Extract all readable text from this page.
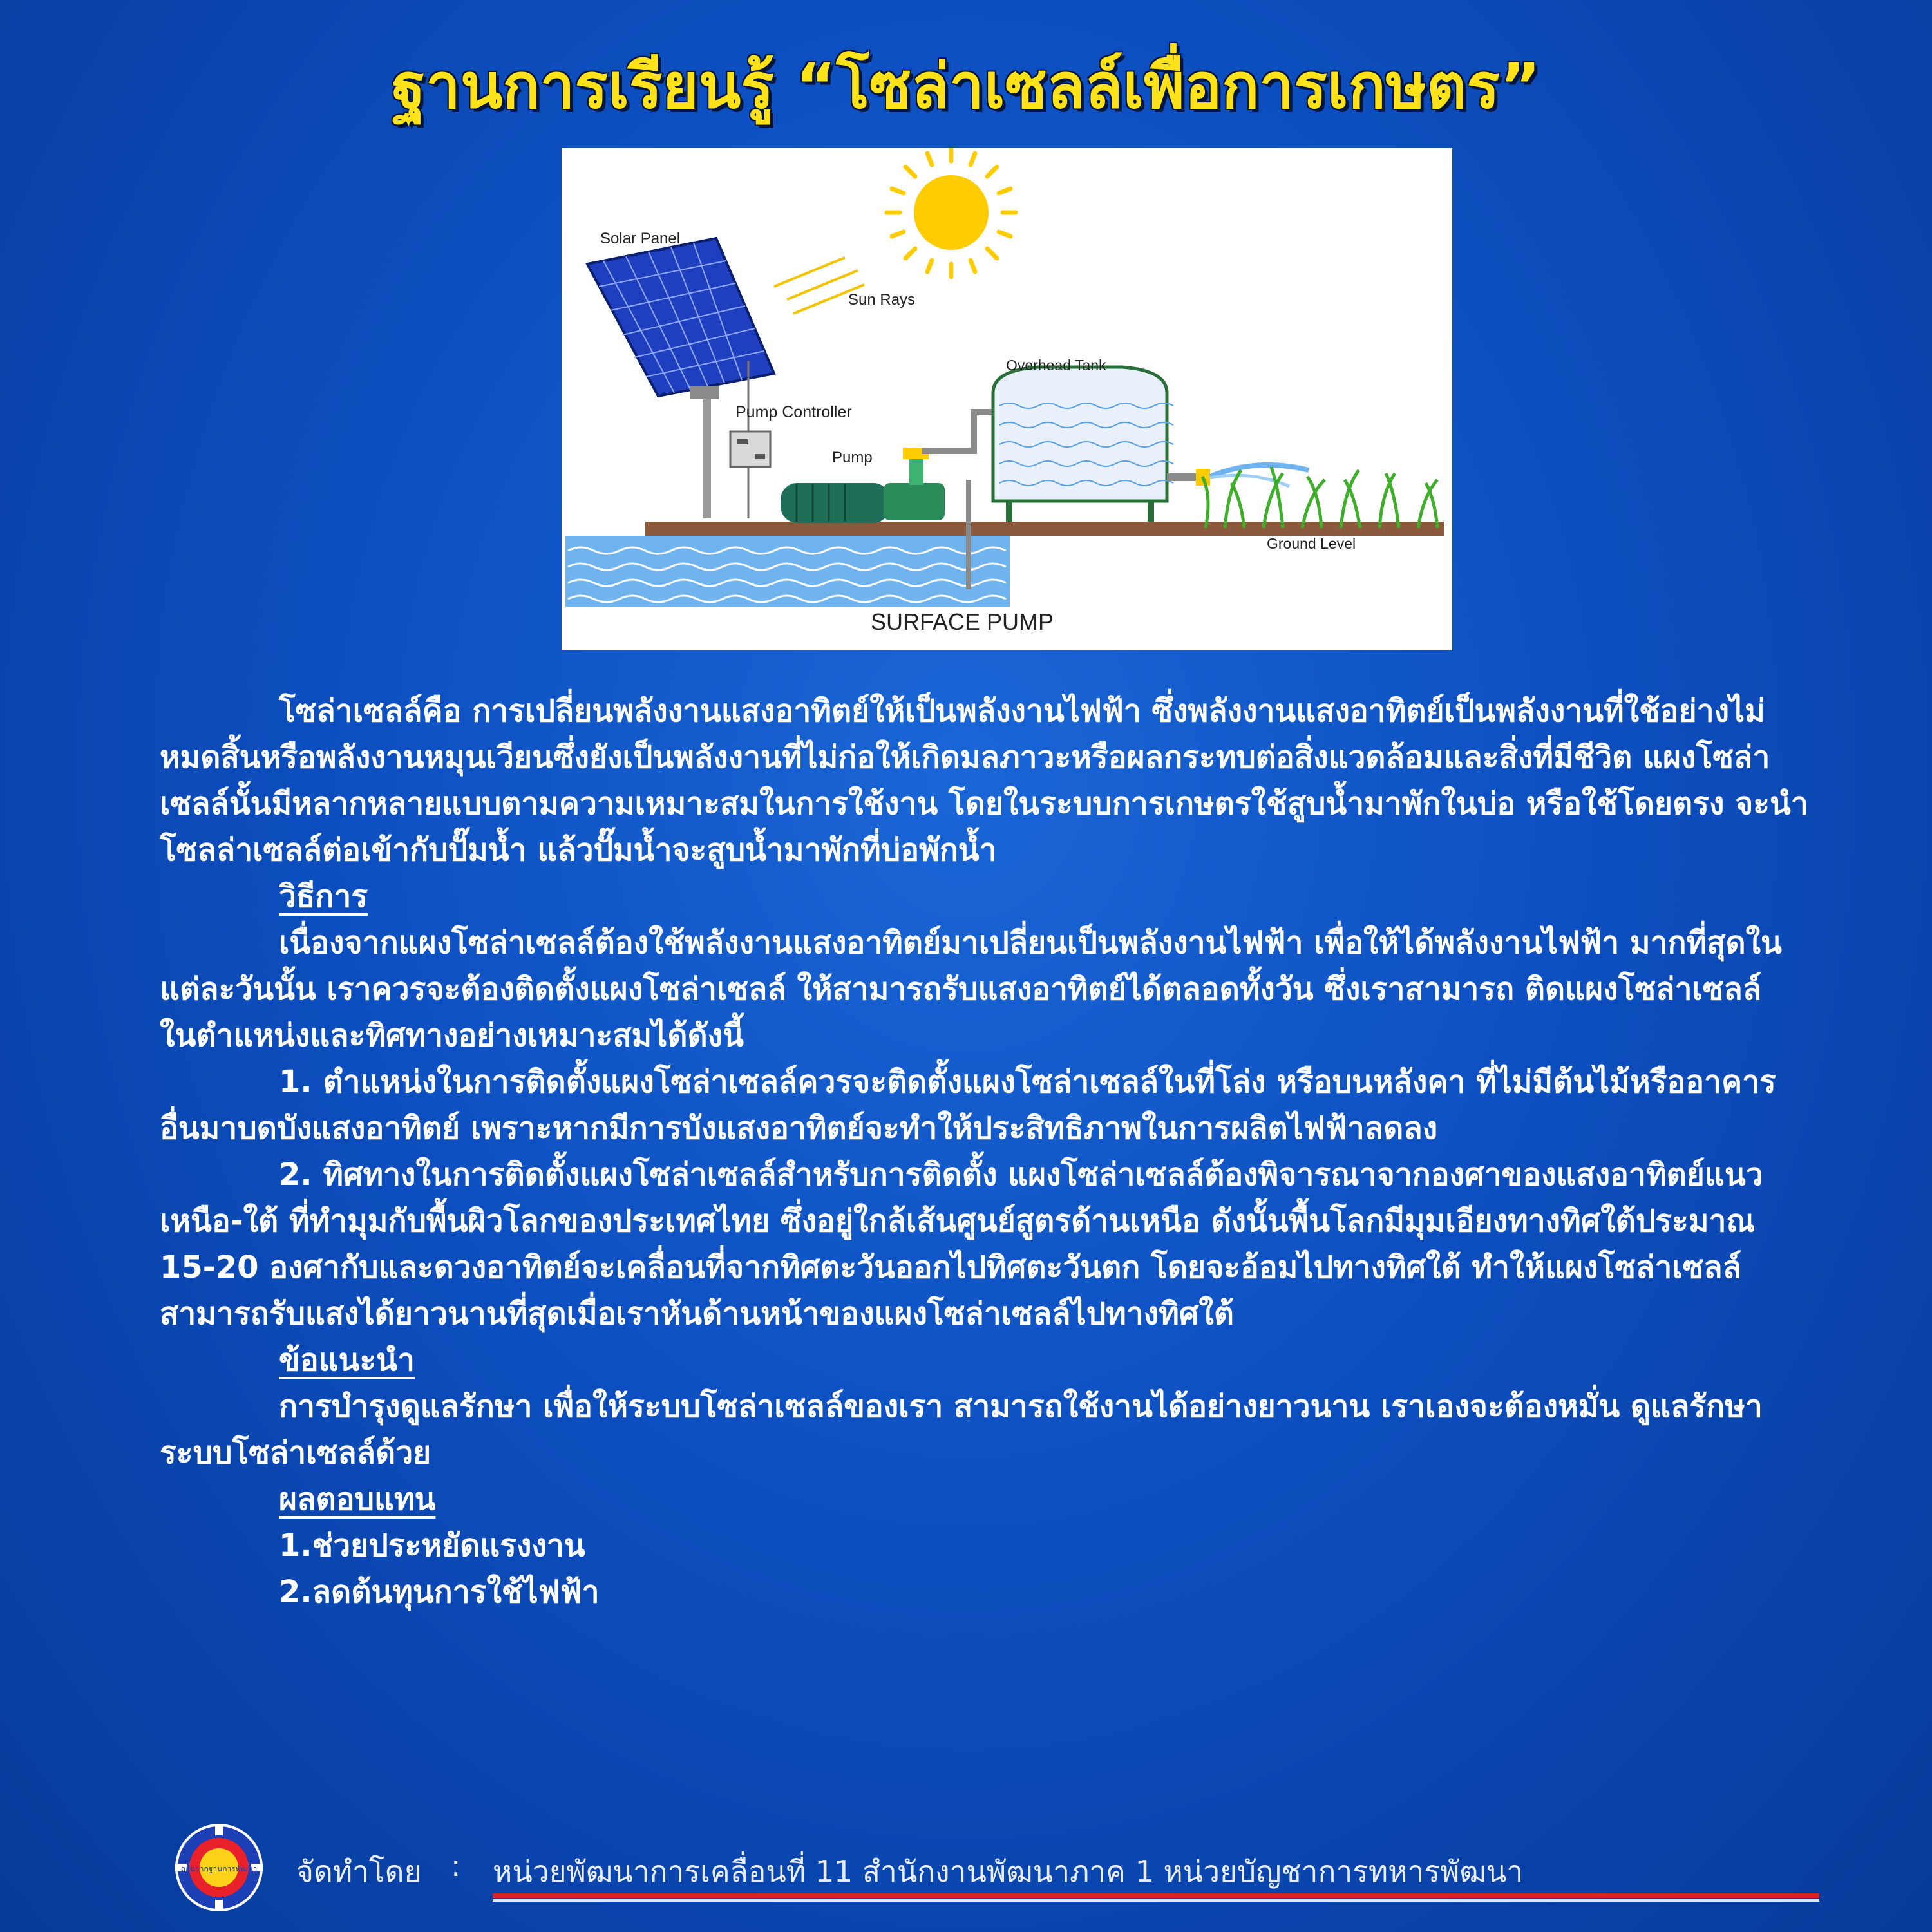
ฐานการเรียนรู้ “โซล่าเซลล์เพื่อการเกษตร”
Solar Panel
Sun Rays
Overhead Tank
Pump Controller
Pump
Ground Level
SURFACE PUMP

โซล่าเซลล์คือ การเปลี่ยนพลังงานแสงอาทิตย์ให้เป็นพลังงานไฟฟ้า ซึ่งพลังงานแสงอาทิตย์เป็นพลังงานที่ใช้อย่างไม่หมดสิ้นหรือพลังงานหมุนเวียนซึ่งยังเป็นพลังงานที่ไม่ก่อให้เกิดมลภาวะหรือผลกระทบต่อสิ่งแวดล้อมและสิ่งที่มีชีวิต แผงโซล่าเซลล์นั้นมีหลากหลายแบบตามความเหมาะสมในการใช้งาน โดยในระบบการเกษตรใช้สูบน้ำมาพักในบ่อ หรือใช้โดยตรง จะนำโซลล่าเซลล์ต่อเข้ากับปั๊มน้ำ แล้วปั๊มน้ำจะสูบน้ำมาพักที่บ่อพักน้ำ

วิธีการ

เนื่องจากแผงโซล่าเซลล์ต้องใช้พลังงานแสงอาทิตย์มาเปลี่ยนเป็นพลังงานไฟฟ้า เพื่อให้ได้พลังงานไฟฟ้า มากที่สุดในแต่ละวันนั้น เราควรจะต้องติดตั้งแผงโซล่าเซลล์ ให้สามารถรับแสงอาทิตย์ได้ตลอดทั้งวัน ซึ่งเราสามารถ ติดแผงโซล่าเซลล์ ในตำแหน่งและทิศทางอย่างเหมาะสมได้ดังนี้

1. ตำแหน่งในการติดตั้งแผงโซล่าเซลล์ควรจะติดตั้งแผงโซล่าเซลล์ในที่โล่ง หรือบนหลังคา ที่ไม่มีต้นไม้หรืออาคารอื่นมาบดบังแสงอาทิตย์ เพราะหากมีการบังแสงอาทิตย์จะทำให้ประสิทธิภาพในการผลิตไฟฟ้าลดลง

2. ทิศทางในการติดตั้งแผงโซล่าเซลล์สำหรับการติดตั้ง แผงโซล่าเซลล์ต้องพิจารณาจากองศาของแสงอาทิตย์แนว เหนือ-ใต้ ที่ทำมุมกับพื้นผิวโลกของประเทศไทย ซึ่งอยู่ใกล้เส้นศูนย์สูตรด้านเหนือ ดังนั้นพื้นโลกมีมุมเอียงทางทิศใต้ประมาณ 15-20 องศากับและดวงอาทิตย์จะเคลื่อนที่จากทิศตะวันออกไปทิศตะวันตก โดยจะอ้อมไปทางทิศใต้ ทำให้แผงโซล่าเซลล์สามารถรับแสงได้ยาวนานที่สุดเมื่อเราหันด้านหน้าของแผงโซล่าเซลล์ไปทางทิศใต้

ข้อแนะนำ

การบำรุงดูแลรักษา เพื่อให้ระบบโซล่าเซลล์ของเรา สามารถใช้งานได้อย่างยาวนาน เราเองจะต้องหมั่น ดูแลรักษาระบบโซล่าเซลล์ด้วย

ผลตอบแทน

1.ช่วยประหยัดแรงงาน

2.ลดต้นทุนการใช้ไฟฟ้า

ถอนรากฐานการพัฒนา จัดทำโดย : หน่วยพัฒนาการเคลื่อนที่ 11 สำนักงานพัฒนาภาค 1 หน่วยบัญชาการทหารพัฒนา
